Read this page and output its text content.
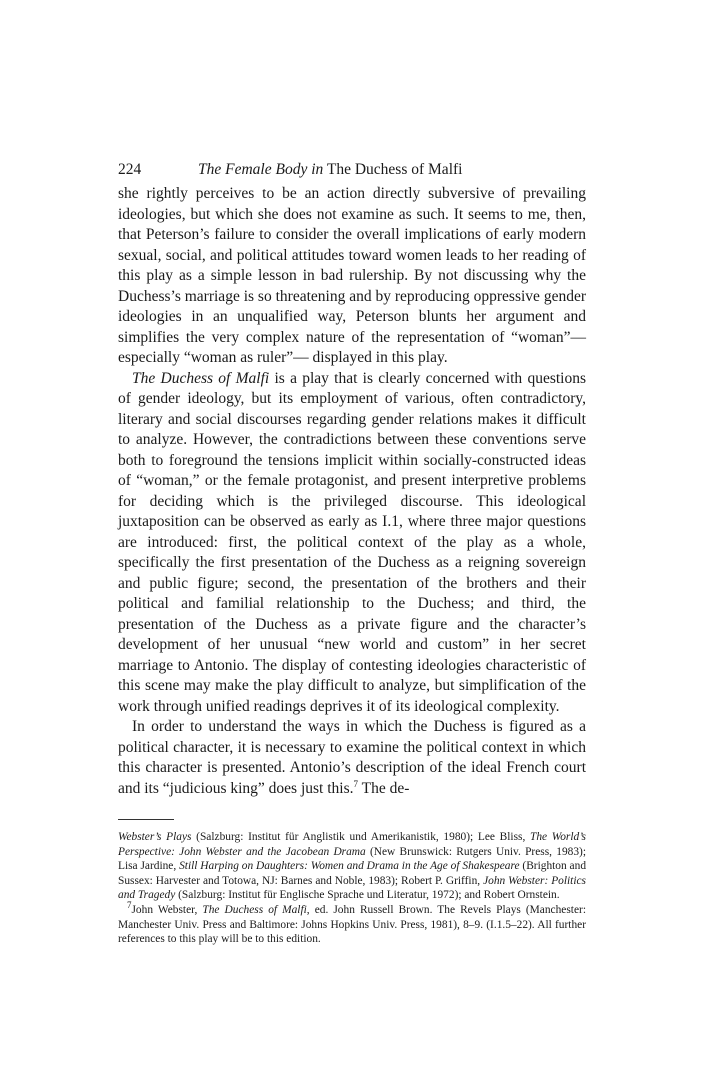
224	The Female Body in The Duchess of Malfi

she rightly perceives to be an action directly subversive of prevailing ideologies, but which she does not examine as such. It seems to me, then, that Peterson’s failure to consider the overall implications of early modern sexual, social, and political attitudes toward women leads to her reading of this play as a simple lesson in bad rulership. By not discussing why the Duchess’s marriage is so threatening and by reproducing oppressive gender ideologies in an unqualified way, Peterson blunts her argument and simplifies the very complex nature of the representation of “woman”—especially “woman as ruler”— displayed in this play.

The Duchess of Malfi is a play that is clearly concerned with questions of gender ideology, but its employment of various, often contradictory, literary and social discourses regarding gender relations makes it difficult to analyze. However, the contradictions between these conventions serve both to foreground the tensions implicit within socially-constructed ideas of “woman,” or the female protagonist, and present interpretive problems for deciding which is the privileged discourse. This ideological juxtaposition can be observed as early as I.1, where three major questions are introduced: first, the political context of the play as a whole, specifically the first presentation of the Duchess as a reigning sovereign and public figure; second, the presentation of the brothers and their political and familial relationship to the Duchess; and third, the presentation of the Duchess as a private figure and the character’s development of her unusual “new world and custom” in her secret marriage to Antonio. The display of contesting ideologies characteristic of this scene may make the play difficult to analyze, but simplification of the work through unified readings deprives it of its ideological complexity.

In order to understand the ways in which the Duchess is figured as a political character, it is necessary to examine the political context in which this character is presented. Antonio’s description of the ideal French court and its “judicious king” does just this.$^7$ The de-

Webster’s Plays (Salzburg: Institut für Anglistik und Amerikanistik, 1980); Lee Bliss, The World’s Perspective: John Webster and the Jacobean Drama (New Brunswick: Rutgers Univ. Press, 1983); Lisa Jardine, Still Harping on Daughters: Women and Drama in the Age of Shakespeare (Brighton and Sussex: Harvester and Totowa, NJ: Barnes and Noble, 1983); Robert P. Griffin, John Webster: Politics and Tragedy (Salzburg: Institut für Englische Sprache und Literatur, 1972); and Robert Ornstein.

$^7$John Webster, The Duchess of Malfi, ed. John Russell Brown. The Revels Plays (Manchester: Manchester Univ. Press and Baltimore: Johns Hopkins Univ. Press, 1981), 8–9. (I.1.5–22). All further references to this play will be to this edition.
